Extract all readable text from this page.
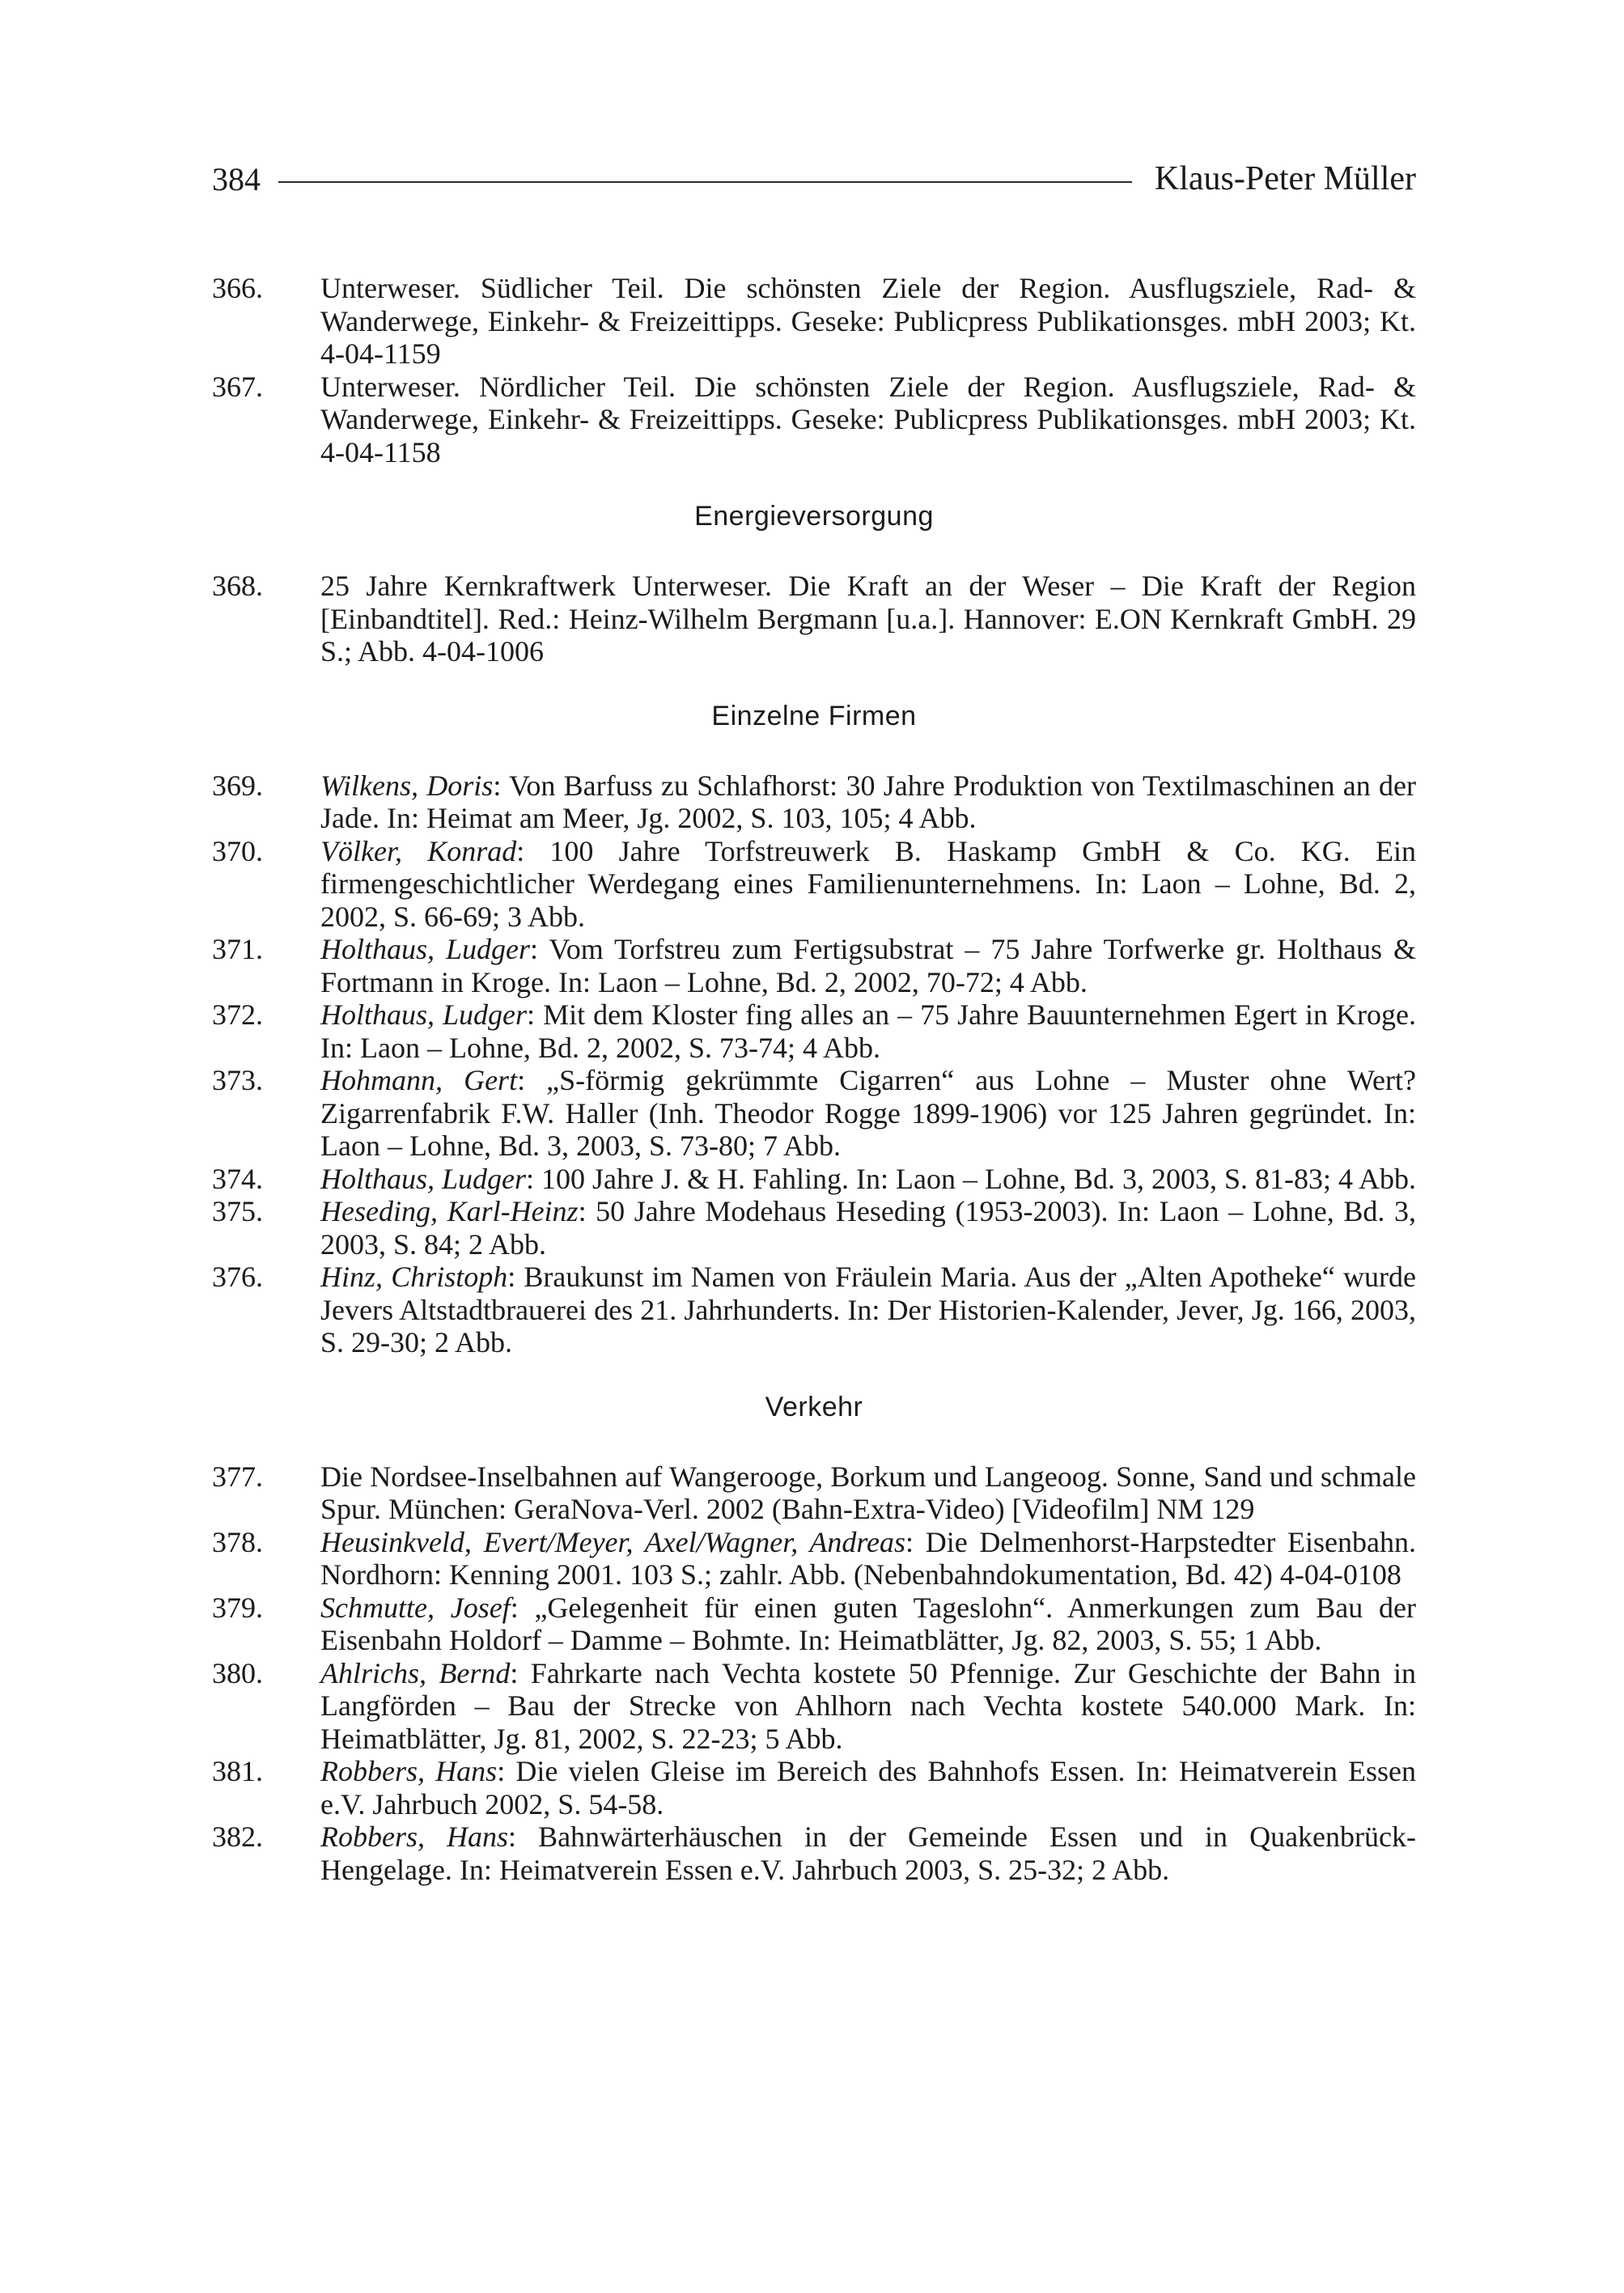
384	Klaus-Peter Müller
366.	Unterweser. Südlicher Teil. Die schönsten Ziele der Region. Ausflugsziele, Rad- & Wanderwege, Einkehr- & Freizeittipps. Geseke: Publicpress Publikationsges. mbH 2003; Kt. 4-04-1159
367.	Unterweser. Nördlicher Teil. Die schönsten Ziele der Region. Ausflugsziele, Rad- & Wanderwege, Einkehr- & Freizeittipps. Geseke: Publicpress Publikationsges. mbH 2003; Kt. 4-04-1158
Energieversorgung
368.	25 Jahre Kernkraftwerk Unterweser. Die Kraft an der Weser – Die Kraft der Region [Einbandtitel]. Red.: Heinz-Wilhelm Bergmann [u.a.]. Hannover: E.ON Kernkraft GmbH. 29 S.; Abb. 4-04-1006
Einzelne Firmen
369.	Wilkens, Doris: Von Barfuss zu Schlafhorst: 30 Jahre Produktion von Textilmaschinen an der Jade. In: Heimat am Meer, Jg. 2002, S. 103, 105; 4 Abb.
370.	Völker, Konrad: 100 Jahre Torfstreuwerk B. Haskamp GmbH & Co. KG. Ein firmengeschichtlicher Werdegang eines Familienunternehmens. In: Laon – Lohne, Bd. 2, 2002, S. 66-69; 3 Abb.
371.	Holthaus, Ludger: Vom Torfstreu zum Fertigsubstrat – 75 Jahre Torfwerke gr. Holthaus & Fortmann in Kroge. In: Laon – Lohne, Bd. 2, 2002, 70-72; 4 Abb.
372.	Holthaus, Ludger: Mit dem Kloster fing alles an – 75 Jahre Bauunternehmen Egert in Kroge. In: Laon – Lohne, Bd. 2, 2002, S. 73-74; 4 Abb.
373.	Hohmann, Gert: „S-förmig gekrümmte Cigarren“ aus Lohne – Muster ohne Wert? Zigarrenfabrik F.W. Haller (Inh. Theodor Rogge 1899-1906) vor 125 Jahren gegründet. In: Laon – Lohne, Bd. 3, 2003, S. 73-80; 7 Abb.
374.	Holthaus, Ludger: 100 Jahre J. & H. Fahling. In: Laon – Lohne, Bd. 3, 2003, S. 81-83; 4 Abb.
375.	Heseding, Karl-Heinz: 50 Jahre Modehaus Heseding (1953-2003). In: Laon – Lohne, Bd. 3, 2003, S. 84; 2 Abb.
376.	Hinz, Christoph: Braukunst im Namen von Fräulein Maria. Aus der „Alten Apotheke“ wurde Jevers Altstadtbrauerei des 21. Jahrhunderts. In: Der Historien-Kalender, Jever, Jg. 166, 2003, S. 29-30; 2 Abb.
Verkehr
377.	Die Nordsee-Inselbahnen auf Wangerooge, Borkum und Langeoog. Sonne, Sand und schmale Spur. München: GeraNova-Verl. 2002 (Bahn-Extra-Video) [Videofilm] NM 129
378.	Heusinkveld, Evert/Meyer, Axel/Wagner, Andreas: Die Delmenhorst-Harpstedter Eisenbahn. Nordhorn: Kenning 2001. 103 S.; zahlr. Abb. (Nebenbahndokumentation, Bd. 42) 4-04-0108
379.	Schmutte, Josef: „Gelegenheit für einen guten Tageslohn“. Anmerkungen zum Bau der Eisenbahn Holdorf – Damme – Bohmte. In: Heimatblätter, Jg. 82, 2003, S. 55; 1 Abb.
380.	Ahlrichs, Bernd: Fahrkarte nach Vechta kostete 50 Pfennige. Zur Geschichte der Bahn in Langförden – Bau der Strecke von Ahlhorn nach Vechta kostete 540.000 Mark. In: Heimatblätter, Jg. 81, 2002, S. 22-23; 5 Abb.
381.	Robbers, Hans: Die vielen Gleise im Bereich des Bahnhofs Essen. In: Heimatverein Essen e.V. Jahrbuch 2002, S. 54-58.
382.	Robbers, Hans: Bahnwärterhäuschen in der Gemeinde Essen und in Quakenbrück-Hengelage. In: Heimatverein Essen e.V. Jahrbuch 2003, S. 25-32; 2 Abb.
